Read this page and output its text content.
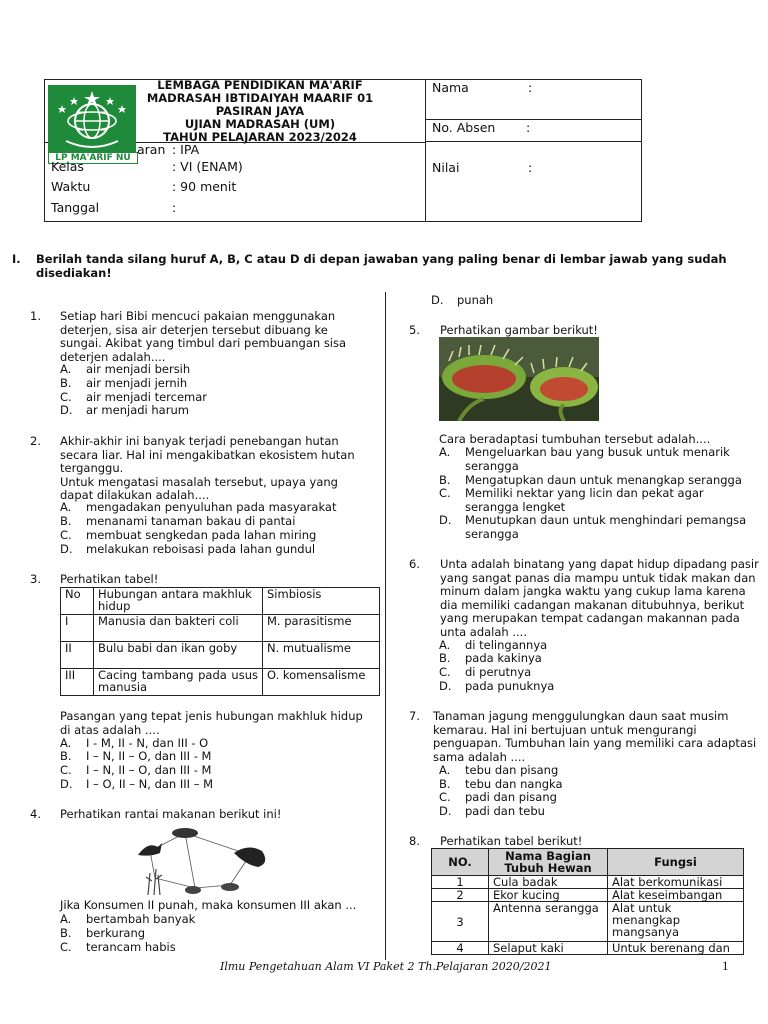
LEMBAGA PENDIDIKAN MA'ARIF
MADRASAH IBTIDAIYAH MAARIF 01
PASIRAN JAYA
UJIAN MADRASAH (UM)
TAHUN PELAJARAN 2023/2024
LP MA'ARIF NU
aran : IPA
Kelas	: VI (ENAM)
Waktu	: 90 menit
Tanggal	:
Nama	:
No. Absen :
Nilai	:
I. Berilah tanda silang huruf A, B, C atau D di depan jawaban yang paling benar di lembar jawab yang sudah disediakan!
1.	Setiap hari Bibi mencuci pakaian menggunakan
deterjen, sisa air deterjen tersebut dibuang ke
sungai. Akibat yang timbul dari pembuangan sisa
deterjen adalah....
A. air menjadi bersih
B. air menjadi jernih
C. air menjadi tercemar
D. ar menjadi harum
2.	Akhir-akhir ini banyak terjadi penebangan hutan
secara liar. Hal ini mengakibatkan ekosistem hutan
terganggu.
Untuk mengatasi masalah tersebut, upaya yang
dapat dilakukan adalah....
A. mengadakan penyuluhan pada masyarakat
B. menanami tanaman bakau di pantai
C. membuat sengkedan pada lahan miring
D. melakukan reboisasi pada lahan gundul
3.	Perhatikan tabel!
No	Hubungan antara makhluk hidup	Simbiosis
I	Manusia dan bakteri coli	M. parasitisme
II	Bulu babi dan ikan goby	N. mutualisme
III	Cacing tambang pada usus manusia	O. komensalisme
Pasangan yang tepat jenis hubungan makhluk hidup
di atas adalah ....
A. I - M, II - N, dan III - O
B. I – N, II – O, dan III - M
C. I – N, II – O, dan III - M
D. I – O, II – N, dan III – M
4.	Perhatikan rantai makanan berikut ini!
Jika Konsumen II punah, maka konsumen III akan ...
A. bertambah banyak
B. berkurang
C. terancam habis
D. punah
5.	Perhatikan gambar berikut!
Cara beradaptasi tumbuhan tersebut adalah....
A. Mengeluarkan bau yang busuk untuk menarik
serangga
B. Mengatupkan daun untuk menangkap serangga
C. Memiliki nektar yang licin dan pekat agar
serangga lengket
D. Menutupkan daun untuk menghindari pemangsa
serangga
6.	Unta adalah binatang yang dapat hidup dipadang pasir
yang sangat panas dia mampu untuk tidak makan dan
minum dalam jangka waktu yang cukup lama karena
dia memiliki cadangan makanan ditubuhnya, berikut
yang merupakan tempat cadangan makannan pada
unta adalah ....
A. di telingannya
B. pada kakinya
C. di perutnya
D. pada punuknya
7.	Tanaman jagung menggulungkan daun saat musim
kemarau. Hal ini bertujuan untuk mengurangi
penguapan. Tumbuhan lain yang memiliki cara adaptasi
sama adalah ....
A. tebu dan pisang
B. tebu dan nangka
C. padi dan pisang
D. padi dan tebu
8.	Perhatikan tabel berikut!
NO.	Nama Bagian Tubuh Hewan	Fungsi
1	Cula badak	Alat berkomunikasi
2	Ekor kucing	Alat keseimbangan
3	Antenna serangga	Alat untuk menangkap mangsanya
4	Selaput kaki	Untuk berenang dan
Ilmu Pengetahuan Alam VI Paket 2 Th.Pelajaran 2020/2021	1
